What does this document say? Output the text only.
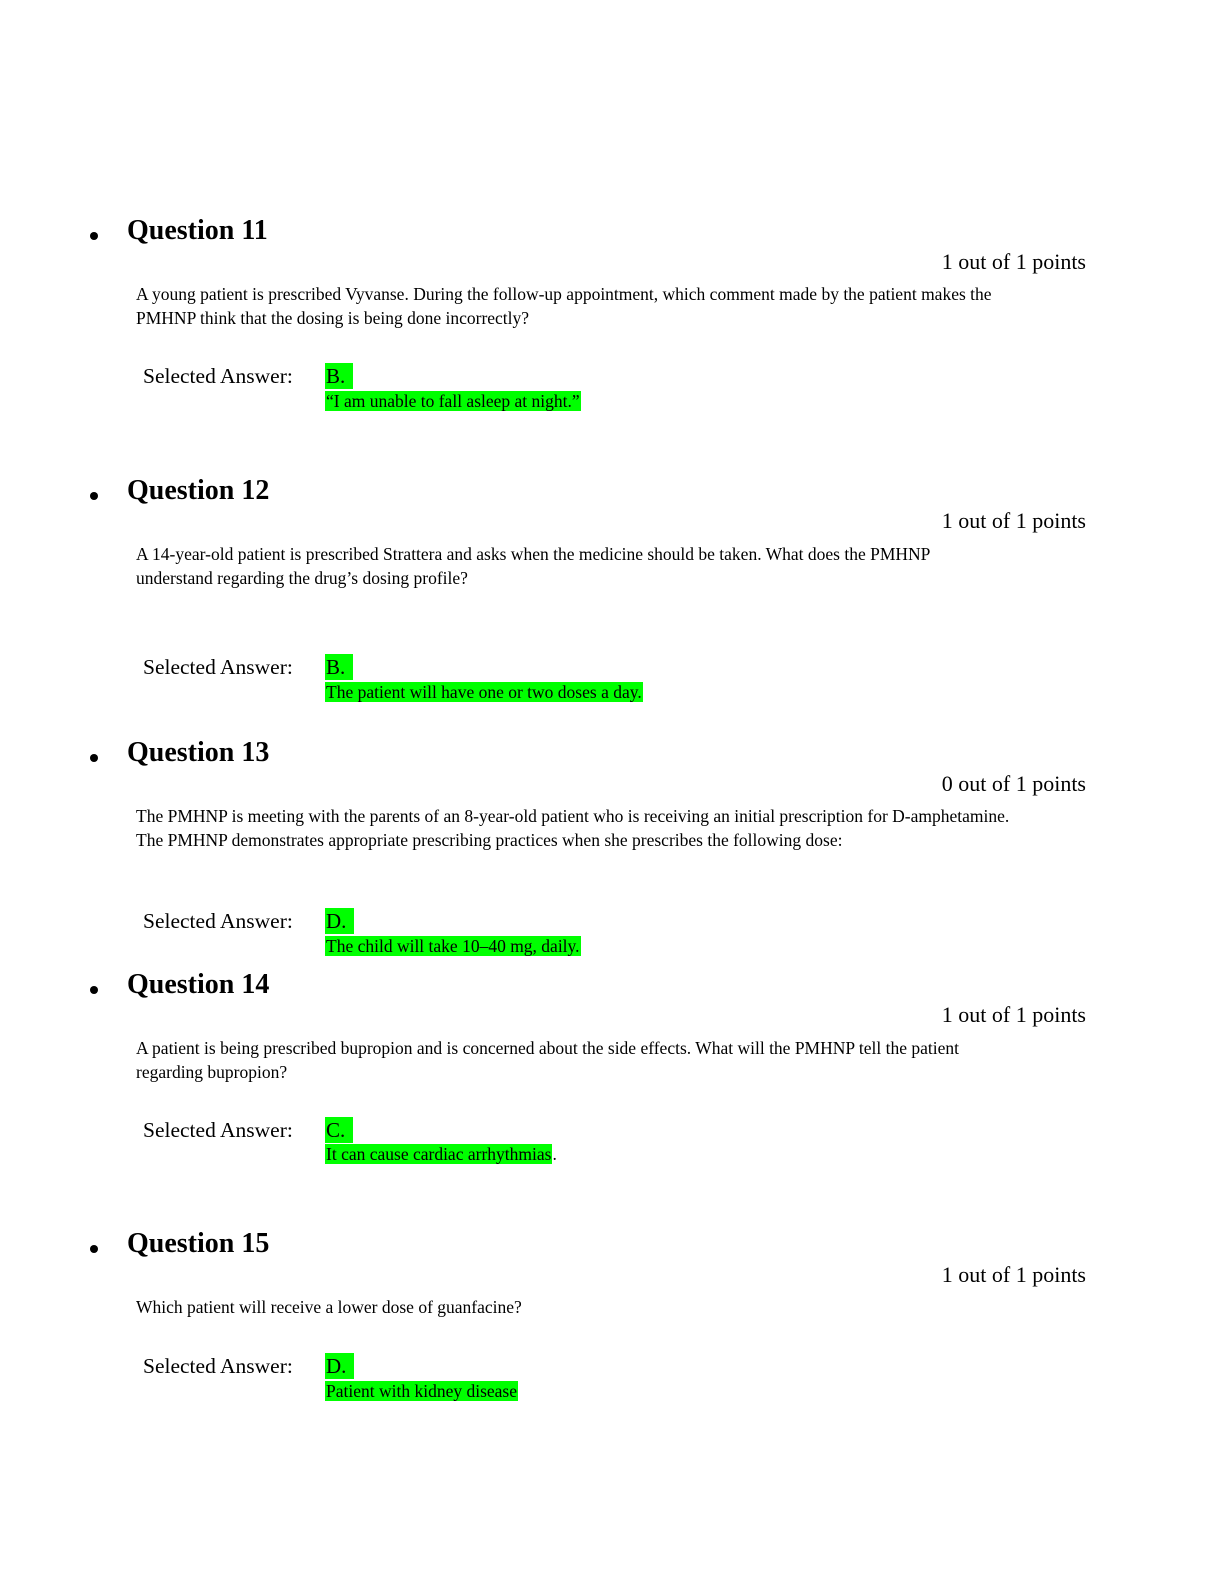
Question 11
1 out of 1 points
A young patient is prescribed Vyvanse. During the follow-up appointment, which comment made by the patient makes the PMHNP think that the dosing is being done incorrectly?
Selected Answer: B.
“I am unable to fall asleep at night.”
Question 12
1 out of 1 points
A 14-year-old patient is prescribed Strattera and asks when the medicine should be taken. What does the PMHNP understand regarding the drug’s dosing profile?
Selected Answer: B.
The patient will have one or two doses a day.
Question 13
0 out of 1 points
The PMHNP is meeting with the parents of an 8-year-old patient who is receiving an initial prescription for D-amphetamine. The PMHNP demonstrates appropriate prescribing practices when she prescribes the following dose:
Selected Answer: D.
The child will take 10–40 mg, daily.
Question 14
1 out of 1 points
A patient is being prescribed bupropion and is concerned about the side effects. What will the PMHNP tell the patient regarding bupropion?
Selected Answer: C.
It can cause cardiac arrhythmias.
Question 15
1 out of 1 points
Which patient will receive a lower dose of guanfacine?
Selected Answer: D.
Patient with kidney disease
